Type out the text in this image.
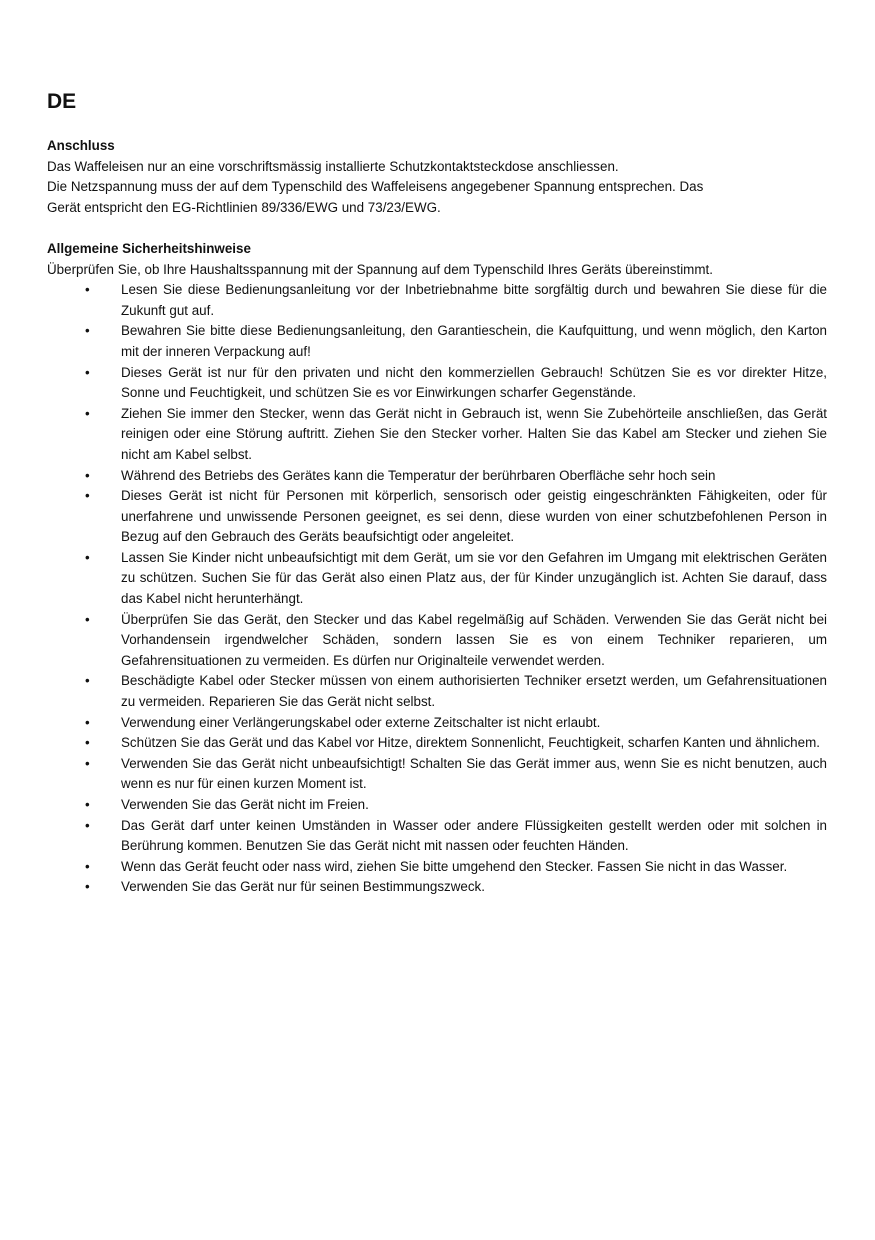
DE

Anschluss

Das Waffeleisen nur an eine vorschriftsmässig installierte Schutzkontaktsteckdose anschliessen.

Die Netzspannung muss der auf dem Typenschild des Waffeleisens angegebener Spannung entsprechen. Das

Gerät entspricht den EG-Richtlinien 89/336/EWG und 73/23/EWG.

Allgemeine Sicherheitshinweise

Überprüfen Sie, ob Ihre Haushaltsspannung mit der Spannung auf dem Typenschild Ihres Geräts übereinstimmt.

• Lesen Sie diese Bedienungsanleitung vor der Inbetriebnahme bitte sorgfältig durch und bewahren Sie diese für die Zukunft gut auf.
• Bewahren Sie bitte diese Bedienungsanleitung, den Garantieschein, die Kaufquittung, und wenn möglich, den Karton mit der inneren Verpackung auf!
• Dieses Gerät ist nur für den privaten und nicht den kommerziellen Gebrauch! Schützen Sie es vor direkter Hitze, Sonne und Feuchtigkeit, und schützen Sie es vor Einwirkungen scharfer Gegenstände.
• Ziehen Sie immer den Stecker, wenn das Gerät nicht in Gebrauch ist, wenn Sie Zubehörteile anschließen, das Gerät reinigen oder eine Störung auftritt. Ziehen Sie den Stecker vorher. Halten Sie das Kabel am Stecker und ziehen Sie nicht am Kabel selbst.
• Während des Betriebs des Gerätes kann die Temperatur der berührbaren Oberfläche sehr hoch sein
• Dieses Gerät ist nicht für Personen mit körperlich, sensorisch oder geistig eingeschränkten Fähigkeiten, oder für unerfahrene und unwissende Personen geeignet, es sei denn, diese wurden von einer schutzbefohlenen Person in Bezug auf den Gebrauch des Geräts beaufsichtigt oder angeleitet.
• Lassen Sie Kinder nicht unbeaufsichtigt mit dem Gerät, um sie vor den Gefahren im Umgang mit elektrischen Geräten zu schützen. Suchen Sie für das Gerät also einen Platz aus, der für Kinder unzugänglich ist. Achten Sie darauf, dass das Kabel nicht herunterhängt.
• Überprüfen Sie das Gerät, den Stecker und das Kabel regelmäßig auf Schäden. Verwenden Sie das Gerät nicht bei Vorhandensein irgendwelcher Schäden, sondern lassen Sie es von einem Techniker reparieren, um Gefahrensituationen zu vermeiden. Es dürfen nur Originalteile verwendet werden.
• Beschädigte Kabel oder Stecker müssen von einem authorisierten Techniker ersetzt werden, um Gefahrensituationen zu vermeiden. Reparieren Sie das Gerät nicht selbst.
• Verwendung einer Verlängerungskabel oder externe Zeitschalter ist nicht erlaubt.
• Schützen Sie das Gerät und das Kabel vor Hitze, direktem Sonnenlicht, Feuchtigkeit, scharfen Kanten und ähnlichem.
• Verwenden Sie das Gerät nicht unbeaufsichtigt! Schalten Sie das Gerät immer aus, wenn Sie es nicht benutzen, auch wenn es nur für einen kurzen Moment ist.
• Verwenden Sie das Gerät nicht im Freien.
• Das Gerät darf unter keinen Umständen in Wasser oder andere Flüssigkeiten gestellt werden oder mit solchen in Berührung kommen. Benutzen Sie das Gerät nicht mit nassen oder feuchten Händen.
• Wenn das Gerät feucht oder nass wird, ziehen Sie bitte umgehend den Stecker. Fassen Sie nicht in das Wasser.
• Verwenden Sie das Gerät nur für seinen Bestimmungszweck.
